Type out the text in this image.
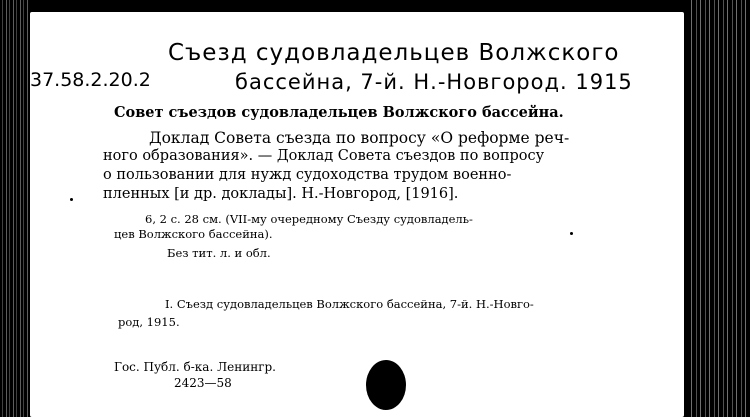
Съезд судовладельцев Волжского
37.58.2.20.2	бассейна, 7-й. Н.-Новгород. 1915
Совет съездов судовладельцев Волжского бассейна.
Доклад Совета съезда по вопросу «О реформе реч-
ного образования». — Доклад Совета съездов по вопросу
о пользовании для нужд судоходства трудом военно-
пленных [и др. доклады]. Н.-Новгород, [1916].
6, 2 с. 28 см. (VII-му очередному Съезду судовладель-
цев Волжского бассейна).
Без тит. л. и обл.
I. Съезд судовладельцев Волжского бассейна, 7-й. Н.-Новго-
род, 1915.
Гос. Публ. б-ка. Ленингр.
2423—58
